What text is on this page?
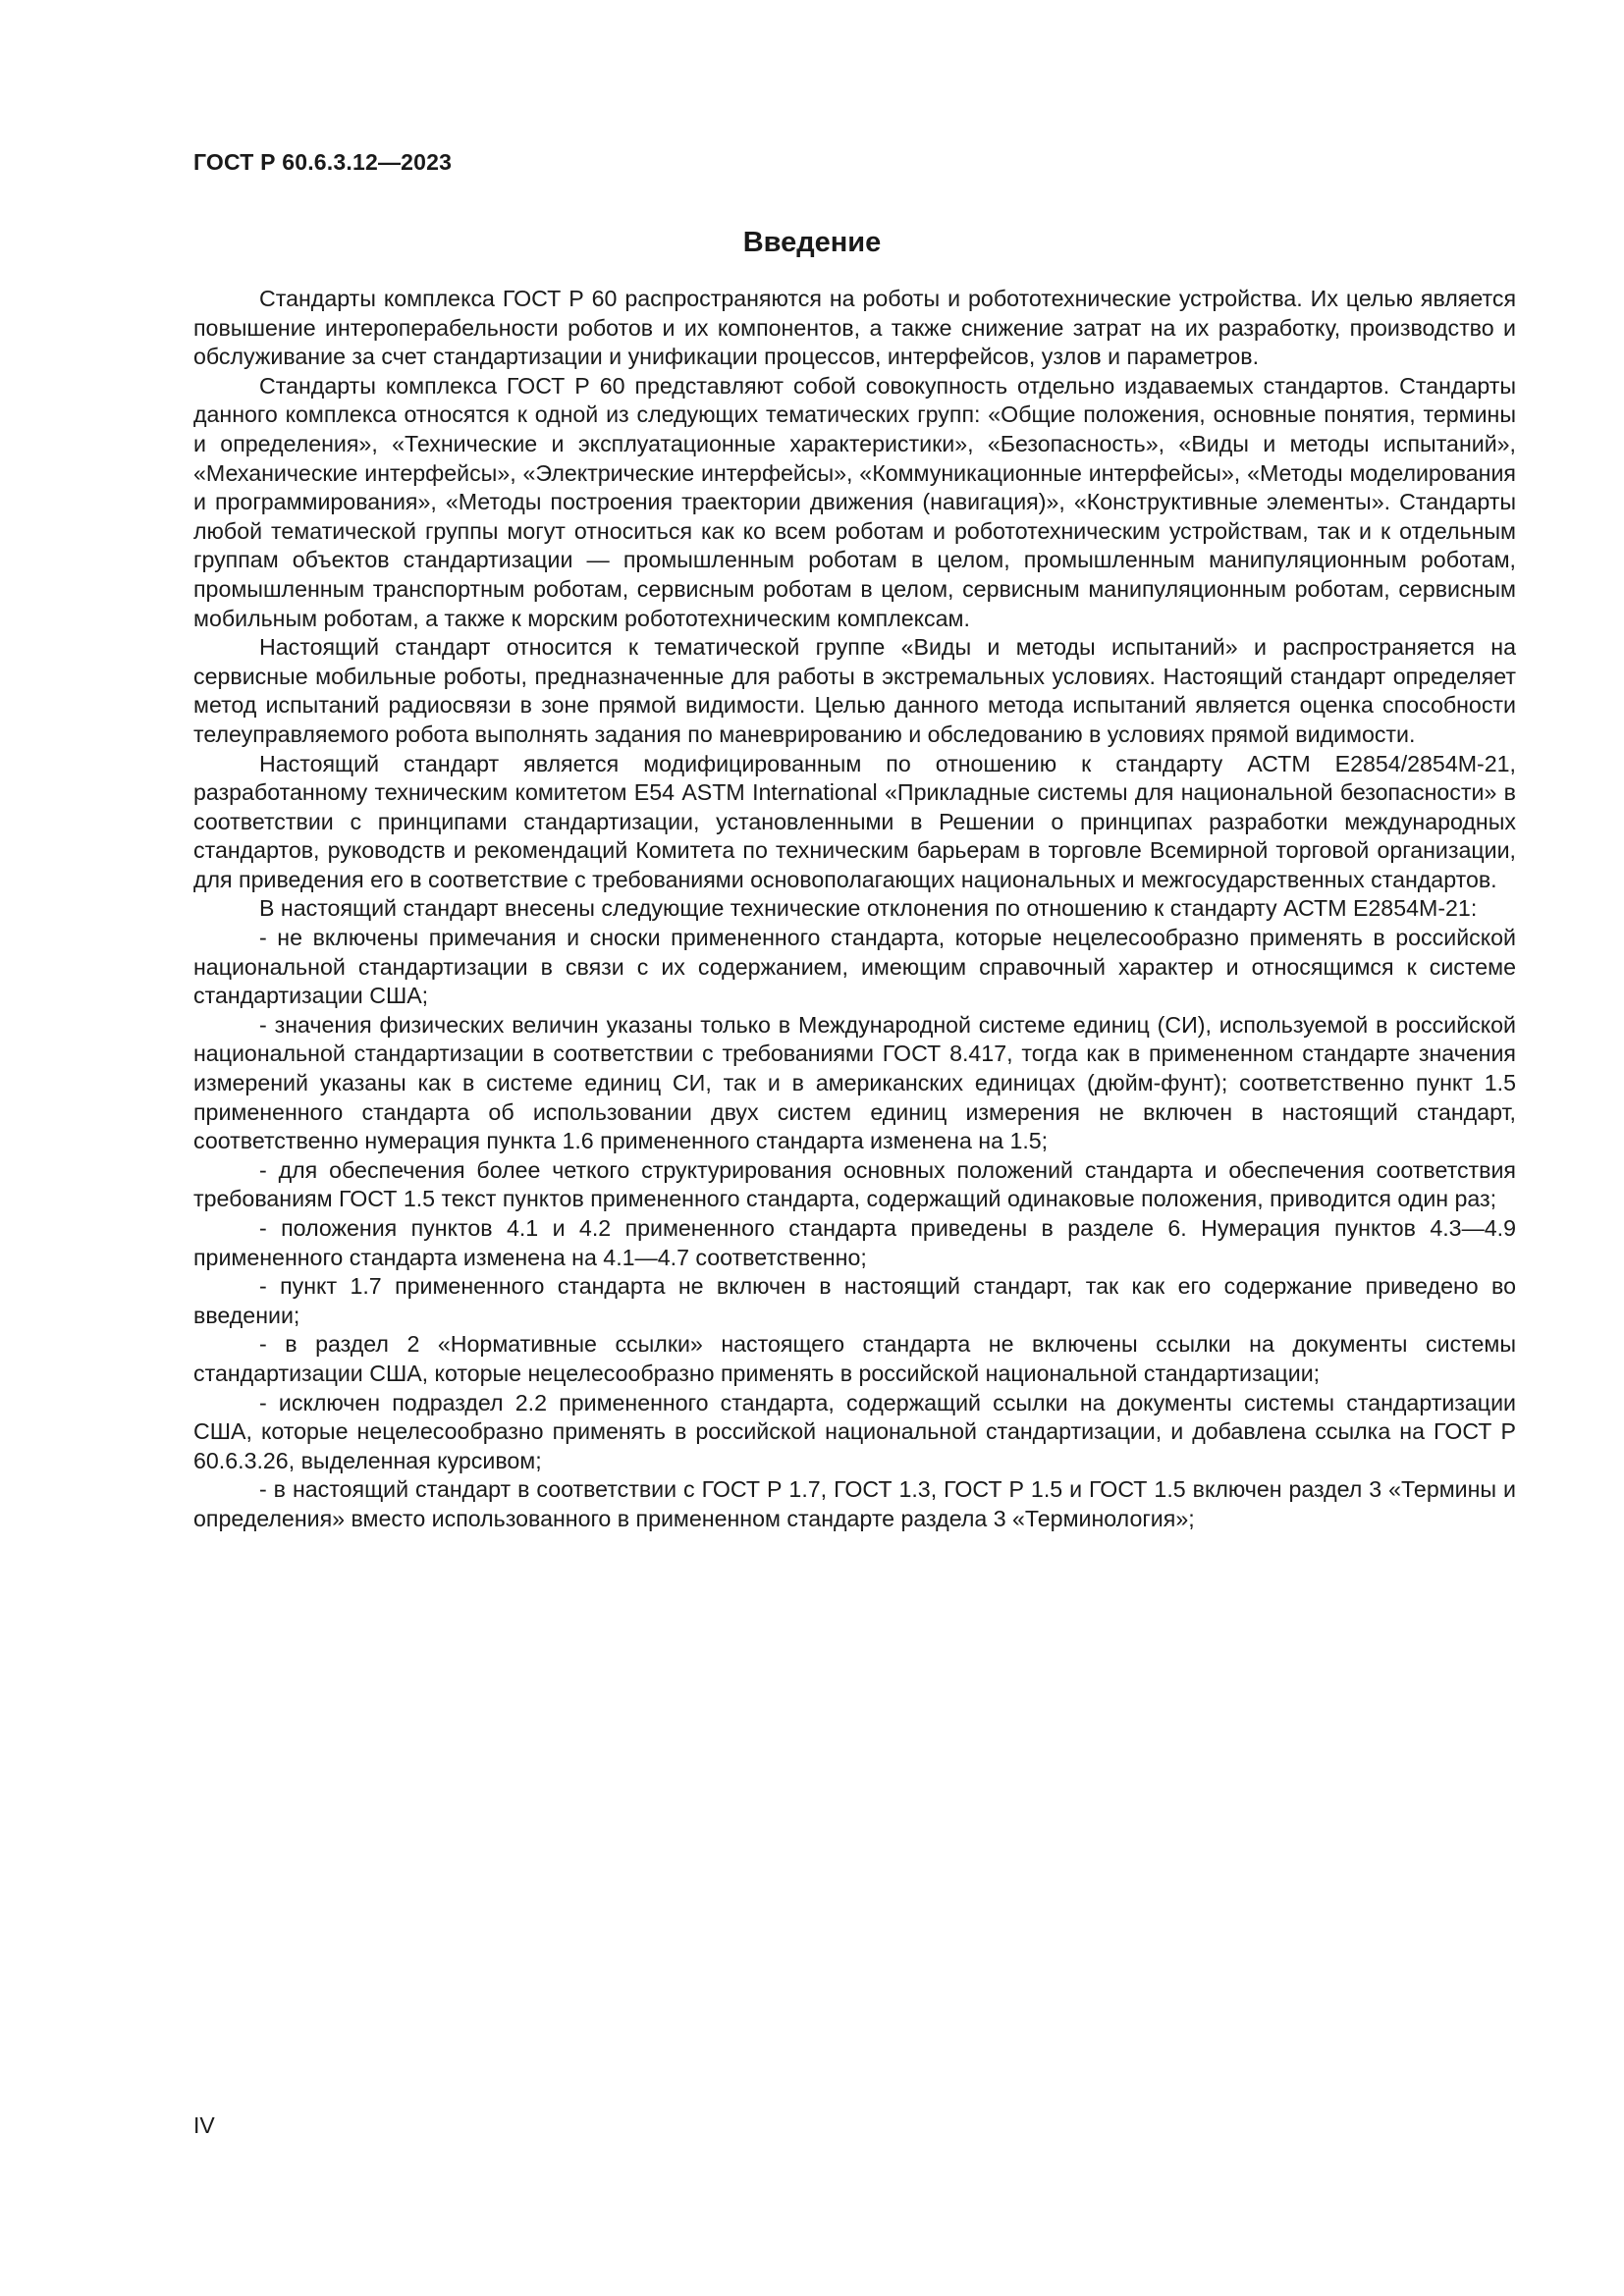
ГОСТ Р 60.6.3.12—2023
Введение

Стандарты комплекса ГОСТ Р 60 распространяются на роботы и робототехнические устройства. Их целью является повышение интероперабельности роботов и их компонентов, а также снижение затрат на их разработку, производство и обслуживание за счет стандартизации и унификации процессов, интерфейсов, узлов и параметров.

Стандарты комплекса ГОСТ Р 60 представляют собой совокупность отдельно издаваемых стандартов. Стандарты данного комплекса относятся к одной из следующих тематических групп: «Общие положения, основные понятия, термины и определения», «Технические и эксплуатационные характеристики», «Безопасность», «Виды и методы испытаний», «Механические интерфейсы», «Электрические интерфейсы», «Коммуникационные интерфейсы», «Методы моделирования и программирования», «Методы построения траектории движения (навигация)», «Конструктивные элементы». Стандарты любой тематической группы могут относиться как ко всем роботам и робототехническим устройствам, так и к отдельным группам объектов стандартизации — промышленным роботам в целом, промышленным манипуляционным роботам, промышленным транспортным роботам, сервисным роботам в целом, сервисным манипуляционным роботам, сервисным мобильным роботам, а также к морским робототехническим комплексам.

Настоящий стандарт относится к тематической группе «Виды и методы испытаний» и распространяется на сервисные мобильные роботы, предназначенные для работы в экстремальных условиях. Настоящий стандарт определяет метод испытаний радиосвязи в зоне прямой видимости. Целью данного метода испытаний является оценка способности телеуправляемого робота выполнять задания по маневрированию и обследованию в условиях прямой видимости.

Настоящий стандарт является модифицированным по отношению к стандарту АСТМ Е2854/2854М-21, разработанному техническим комитетом Е54 ASTM International «Прикладные системы для национальной безопасности» в соответствии с принципами стандартизации, установленными в Решении о принципах разработки международных стандартов, руководств и рекомендаций Комитета по техническим барьерам в торговле Всемирной торговой организации, для приведения его в соответствие с требованиями основополагающих национальных и межгосударственных стандартов.

В настоящий стандарт внесены следующие технические отклонения по отношению к стандарту АСТМ Е2854М-21:

- не включены примечания и сноски примененного стандарта, которые нецелесообразно применять в российской национальной стандартизации в связи с их содержанием, имеющим справочный характер и относящимся к системе стандартизации США;

- значения физических величин указаны только в Международной системе единиц (СИ), используемой в российской национальной стандартизации в соответствии с требованиями ГОСТ 8.417, тогда как в примененном стандарте значения измерений указаны как в системе единиц СИ, так и в американских единицах (дюйм-фунт); соответственно пункт 1.5 примененного стандарта об использовании двух систем единиц измерения не включен в настоящий стандарт, соответственно нумерация пункта 1.6 примененного стандарта изменена на 1.5;

- для обеспечения более четкого структурирования основных положений стандарта и обеспечения соответствия требованиям ГОСТ 1.5 текст пунктов примененного стандарта, содержащий одинаковые положения, приводится один раз;

- положения пунктов 4.1 и 4.2 примененного стандарта приведены в разделе 6. Нумерация пунктов 4.3—4.9 примененного стандарта изменена на 4.1—4.7 соответственно;

- пункт 1.7 примененного стандарта не включен в настоящий стандарт, так как его содержание приведено во введении;

- в раздел 2 «Нормативные ссылки» настоящего стандарта не включены ссылки на документы системы стандартизации США, которые нецелесообразно применять в российской национальной стандартизации;

- исключен подраздел 2.2 примененного стандарта, содержащий ссылки на документы системы стандартизации США, которые нецелесообразно применять в российской национальной стандартизации, и добавлена ссылка на ГОСТ Р 60.6.3.26, выделенная курсивом;

- в настоящий стандарт в соответствии с ГОСТ Р 1.7, ГОСТ 1.3, ГОСТ Р 1.5 и ГОСТ 1.5 включен раздел 3 «Термины и определения» вместо использованного в примененном стандарте раздела 3 «Терминология»;

IV
